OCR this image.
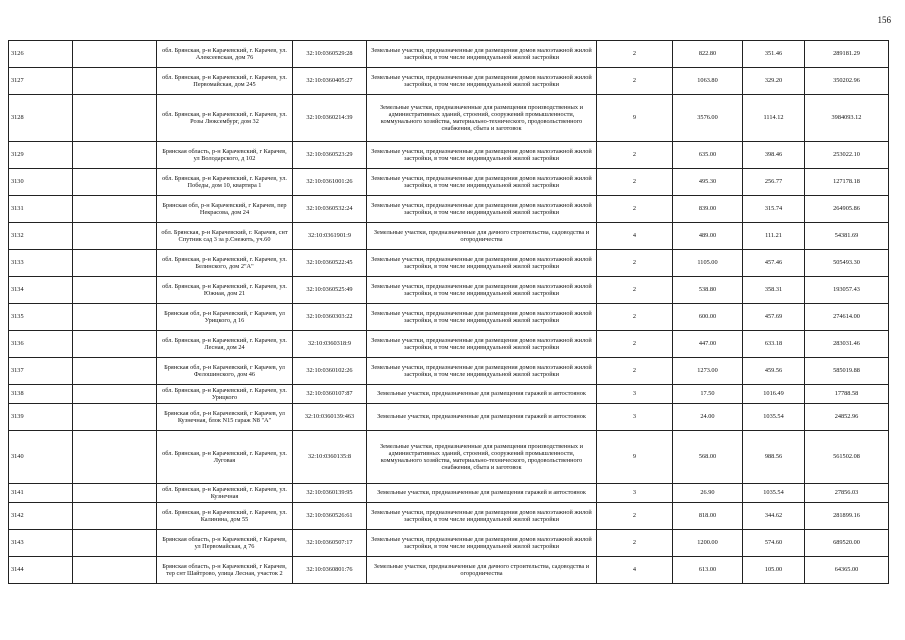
156
3126		обл. Брянская, р-н Карачевский, г. Карачев, ул. Алексеевская, дом 76	32:10:0360529:28	Земельные участки, предназначенные для размещения домов малоэтажной жилой застройки, в том числе индивидуальной жилой застройки	2	822.80	351.46	289181.29
3127		обл. Брянская, р-н Карачевский, г. Карачев, ул. Первомайская, дом 245	32:10:0360405:27	Земельные участки, предназначенные для размещения домов малоэтажной жилой застройки, в том числе индивидуальной жилой застройки	2	1063.80	329.20	350202.96
3128		обл. Брянская, р-н Карачевский, г. Карачев, ул. Розы Люксембург, дом 32	32:10:0360214:39	Земельные участки, предназначенные для размещения производственных и административных зданий, строений, сооружений промышленности, коммунального хозяйства, материально-технического, продовольственного снабжения, сбыта и заготовок	9	3576.00	1114.12	3984093.12
3129		Брянская область, р-н Карачевский, г Карачев, ул Володарского, д 102	32:10:0360523:29	Земельные участки, предназначенные для размещения домов малоэтажной жилой застройки, в том числе индивидуальной жилой застройки	2	635.00	398.46	253022.10
3130		обл. Брянская, р-н Карачевский, г. Карачев, ул. Победы, дом 10, квартира 1	32:10:0361001:26	Земельные участки, предназначенные для размещения домов малоэтажной жилой застройки, в том числе индивидуальной жилой застройки	2	495.30	256.77	127178.18
3131		Брянская обл, р-н Карачевский, г Карачев, пер Некрасова, дом 24	32:10:0360532:24	Земельные участки, предназначенные для размещения домов малоэтажной жилой застройки, в том числе индивидуальной жилой застройки	2	839.00	315.74	264905.86
3132		обл. Брянская, р-н Карачевский, г. Карачев, снт Спутник сад 3 за р.Снежеть, уч.60	32:10:0361901:9	Земельные участки, предназначенные для дачного строительства, садоводства и огородничества	4	489.00	111.21	54381.69
3133		обл. Брянская, р-н Карачевский, г. Карачев, ул. Белинского, дом 2"А"	32:10:0360522:45	Земельные участки, предназначенные для размещения домов малоэтажной жилой застройки, в том числе индивидуальной жилой застройки	2	1105.00	457.46	505493.30
3134		обл. Брянская, р-н Карачевский, г. Карачев, ул. Южная, дом 21	32:10:0360525:49	Земельные участки, предназначенные для размещения домов малоэтажной жилой застройки, в том числе индивидуальной жилой застройки	2	538.80	358.31	193057.43
3135		Брянская обл, р-н Карачевский, г Карачев, ул Урицкого, д 16	32:10:0360303:22	Земельные участки, предназначенные для размещения домов малоэтажной жилой застройки, в том числе индивидуальной жилой застройки	2	600.00	457.69	274614.00
3136		обл. Брянская, р-н Карачевский, г. Карачев, ул. Лесная, дом 24	32:10:0360318:9	Земельные участки, предназначенные для размещения домов малоэтажной жилой застройки, в том числе индивидуальной жилой застройки	2	447.00	633.18	283031.46
3137		Брянская обл, р-н Карачевский, г Карачев, ул Фелошинского, дом 46	32:10:0360102:26	Земельные участки, предназначенные для размещения домов малоэтажной жилой застройки, в том числе индивидуальной жилой застройки	2	1273.00	459.56	585019.88
3138		обл. Брянская, р-н Карачевский, г. Карачев, ул. Урицкого	32:10:0360107:87	Земельные участки, предназначенные для размещения гаражей и автостоянок	3	17.50	1016.49	17788.58
3139		Брянская обл, р-н Карачевский, г Карачев, ул Кузнечная, блок N15 гараж N8 "А"	32:10:0360139:463	Земельные участки, предназначенные для размещения гаражей и автостоянок	3	24.00	1035.54	24852.96
3140		обл. Брянская, р-н Карачевский, г. Карачев, ул. Луговая	32:10:0360135:8	Земельные участки, предназначенные для размещения производственных и административных зданий, строений, сооружений промышленности, коммунального хозяйства, материально-технического, продовольственного снабжения, сбыта и заготовок	9	568.00	988.56	561502.08
3141		обл. Брянская, р-н Карачевский, г. Карачев, ул. Кузнечная	32:10:0360139:95	Земельные участки, предназначенные для размещения гаражей и автостоянок	3	26.90	1035.54	27856.03
3142		обл. Брянская, р-н Карачевский, г. Карачев, ул. Калинина, дом 55	32:10:0360526:61	Земельные участки, предназначенные для размещения домов малоэтажной жилой застройки, в том числе индивидуальной жилой застройки	2	818.00	344.62	281899.16
3143		Брянская область, р-н Карачевский, г Карачев, ул Первомайская, д 76	32:10:0360507:17	Земельные участки, предназначенные для размещения домов малоэтажной жилой застройки, в том числе индивидуальной жилой застройки	2	1200.00	574.60	689520.00
3144		Брянская область, р-н Карачевский, г Карачев, тер снт Шайтрово, улица Лесная, участок 2	32:10:0360801:76	Земельные участки, предназначенные для дачного строительства, садоводства и огородничества	4	613.00	105.00	64365.00
